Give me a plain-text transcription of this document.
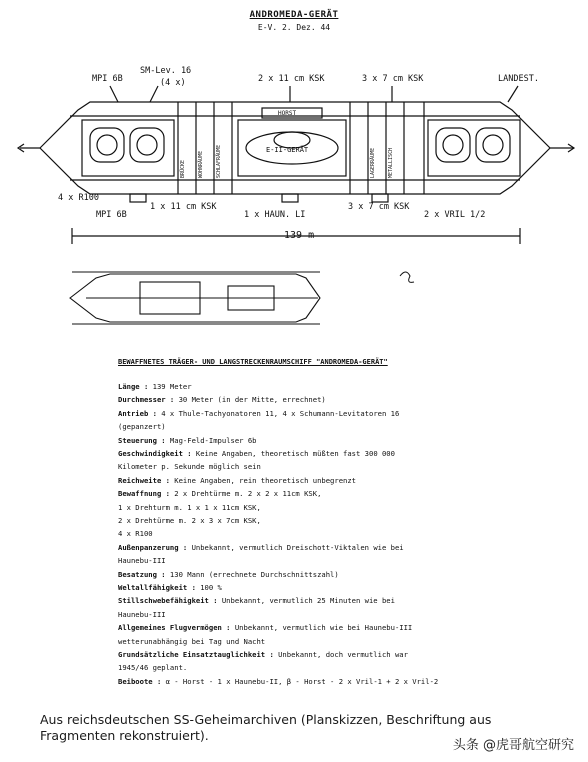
ANDROMEDA-GERÄT
E-V. 2. Dez. 44
SM-Lev. 16
(4 x)
MPI 6B	2 x 11 cm KSK	3 x 7 cm KSK	LANDEST.
BRÜCKE WOHNRÄUME SCHLAFRÄUME	LAGERRÄUME METALLISCH
E-II-GERÄT
HORST
4 x R100
MPI 6B
1 x 11 cm KSK
1 x HAUN. LI
3 x 7 cm KSK
2 x VRIL 1/2
139 m
BEWAFFNETES TRÄGER- UND LANGSTRECKENRAUMSCHIFF "ANDROMEDA-GERÄT"
Länge : 139 Meter
Durchmesser : 30 Meter (in der Mitte, errechnet)
Antrieb : 4 x Thule-Tachyonatoren 11, 4 x Schumann-Levitatoren 16
(gepanzert)
Steuerung : Mag-Feld-Impulser 6b
Geschwindigkeit : Keine Angaben, theoretisch müßten fast 300 000
Kilometer p. Sekunde möglich sein
Reichweite : Keine Angaben, rein theoretisch unbegrenzt
Bewaffnung : 2 x Drehtürme m. 2 x 2 x 11cm KSK,
1 x Drehturm m. 1 x 1 x 11cm KSK,
2 x Drehtürme m. 2 x 3 x 7cm KSK,
4 x R100
Außenpanzerung : Unbekannt, vermutlich Dreischott-Viktalen wie bei
Haunebu-III
Besatzung : 130 Mann (errechnete Durchschnittszahl)
Weltallfähigkeit : 100 %
Stillschwebefähigkeit : Unbekannt, vermutlich 25 Minuten wie bei
Haunebu-III
Allgemeines Flugvermögen : Unbekannt, vermutlich wie bei Haunebu-III
wetterunabhängig bei Tag und Nacht
Grundsätzliche Einsatztauglichkeit : Unbekannt, doch vermutlich war
1945/46 geplant.
Beiboote : α - Horst - 1 x Haunebu-II, β - Horst - 2 x Vril-1 + 2 x Vril-2
Aus reichsdeutschen SS-Geheimarchiven (Planskizzen, Beschriftung aus Fragmenten rekonstruiert).
头条 @虎哥航空研究
